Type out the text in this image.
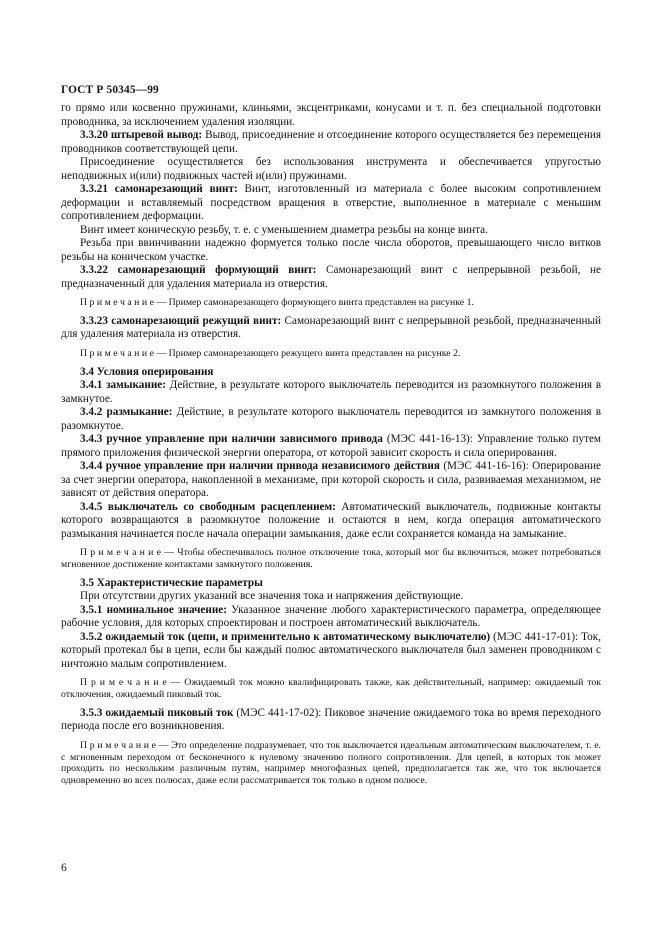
ГОСТ Р 50345—99

го прямо или косвенно пружинами, клиньями, эксцентриками, конусами и т. п. без специальной подготовки проводника, за исключением удаления изоляции.

3.3.20 штыревой вывод: Вывод, присоединение и отсоединение которого осуществляется без перемещения проводников соответствующей цепи.

Присоединение осуществляется без использования инструмента и обеспечивается упругостью неподвижных и(или) подвижных частей и(или) пружинами.

3.3.21 самонарезающий винт: Винт, изготовленный из материала с более высоким сопротивлением деформации и вставляемый посредством вращения в отверстие, выполненное в материале с меньшим сопротивлением деформации.

Винт имеет коническую резьбу, т. е. с уменьшением диаметра резьбы на конце винта.

Резьба при ввинчивании надежно формуется только после числа оборотов, превышающего число витков резьбы на коническом участке.

3.3.22 самонарезающий формующий винт: Самонарезающий винт с непрерывной резьбой, не предназначенный для удаления материала из отверстия.

П р и м е ч а н и е — Пример самонарезающего формующего винта представлен на рисунке 1.

3.3.23 самонарезающий режущий винт: Самонарезающий винт с непрерывной резьбой, предназначенный для удаления материала из отверстия.

П р и м е ч а н и е — Пример самонарезающего режущего винта представлен на рисунке 2.

3.4 Условия оперирования

3.4.1 замыкание: Действие, в результате которого выключатель переводится из разомкнутого положения в замкнутое.

3.4.2 размыкание: Действие, в результате которого выключатель переводится из замкнутого положения в разомкнутое.

3.4.3 ручное управление при наличии зависимого привода (МЭС 441-16-13): Управление только путем прямого приложения физической энергии оператора, от которой зависит скорость и сила оперирования.

3.4.4 ручное управление при наличии привода независимого действия (МЭС 441-16-16): Оперирование за счет энергии оператора, накопленной в механизме, при которой скорость и сила, развиваемая механизмом, не зависят от действия оператора.

3.4.5 выключатель со свободным расцеплением: Автоматический выключатель, подвижные контакты которого возвращаются в разомкнутое положение и остаются в нем, когда операция автоматического размыкания начинается после начала операции замыкания, даже если сохраняется команда на замыкание.

П р и м е ч а н и е — Чтобы обеспечивалось полное отключение тока, который мог бы включиться, может потребоваться мгновенное достижение контактами замкнутого положения.

3.5 Характеристические параметры

При отсутствии других указаний все значения тока и напряжения действующие.

3.5.1 номинальное значение: Указанное значение любого характеристического параметра, определяющее рабочие условия, для которых спроектирован и построен автоматический выключатель.

3.5.2 ожидаемый ток (цепи, и применительно к автоматическому выключателю) (МЭС 441-17-01): Ток, который протекал бы в цепи, если бы каждый полюс автоматического выключателя был заменен проводником с ничтожно малым сопротивлением.

П р и м е ч а н и е — Ожидаемый ток можно квалифицировать также, как действительный, например: ожидаемый ток отключения, ожидаемый пиковый ток.

3.5.3 ожидаемый пиковый ток (МЭС 441-17-02): Пиковое значение ожидаемого тока во время переходного периода после его возникновения.

П р и м е ч а н и е — Это определение подразумевает, что ток выключается идеальным автоматическим выключателем, т. е. с мгновенным переходом от бесконечного к нулевому значению полного сопротивления. Для цепей, в которых ток может проходить по нескольким различным путям, например многофазных цепей, предполагается так же, что ток включается одновременно во всех полюсах, даже если рассматривается ток только в одном полюсе.

6
